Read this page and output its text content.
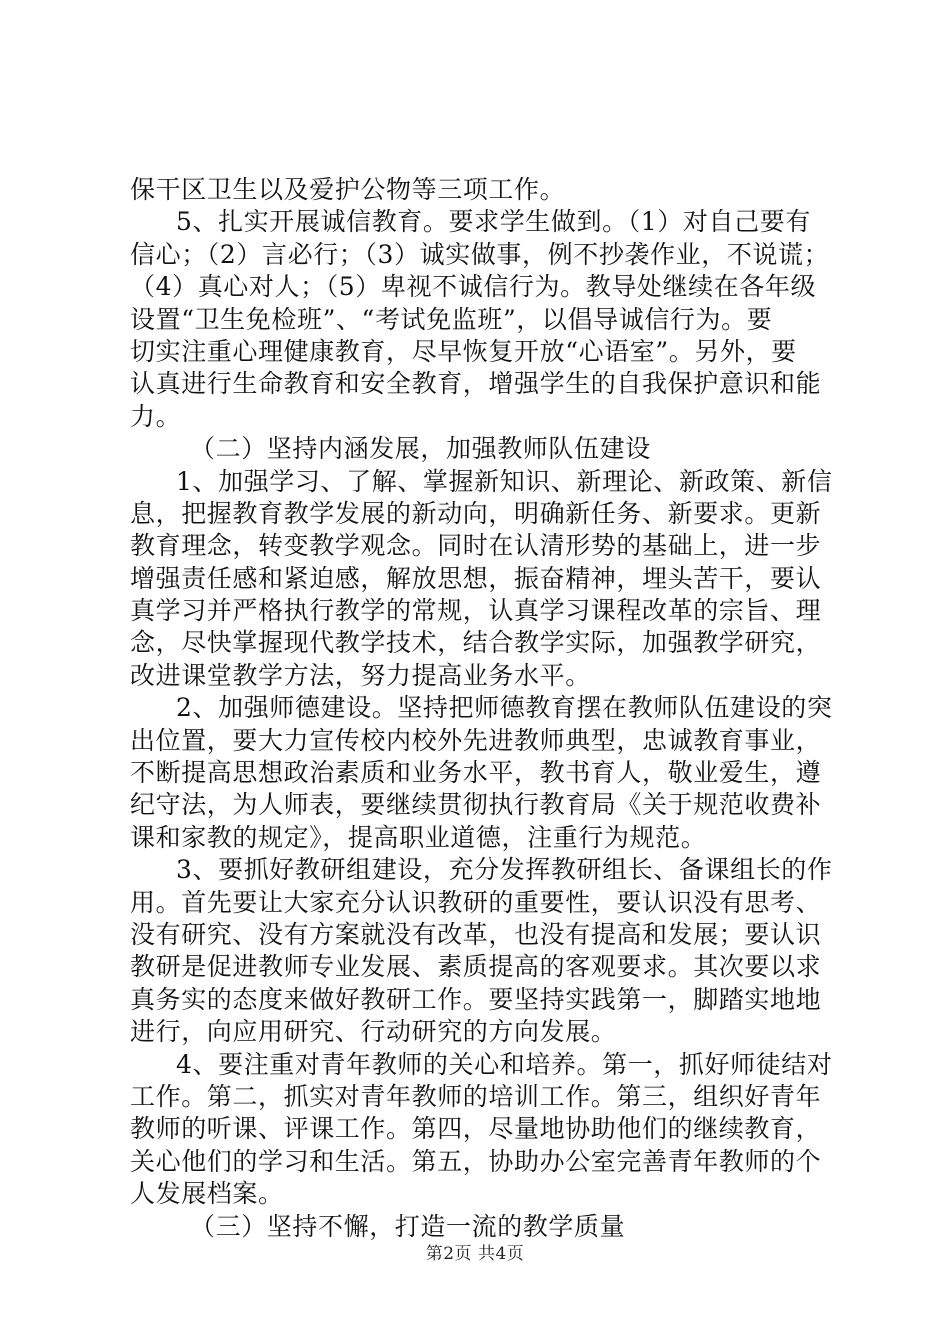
保干区卫生以及爱护公物等三项工作。
5、扎实开展诚信教育。要求学生做到。（1）对自己要有
信心；（2）言必行；（3）诚实做事，例不抄袭作业，不说谎；
（4）真心对人；（5）卑视不诚信行为。教导处继续在各年级
设置“卫生免检班”、“考试免监班”，以倡导诚信行为。要
切实注重心理健康教育，尽早恢复开放“心语室”。另外，要
认真进行生命教育和安全教育，增强学生的自我保护意识和能
力。
（二）坚持内涵发展，加强教师队伍建设
1、加强学习、了解、掌握新知识、新理论、新政策、新信
息，把握教育教学发展的新动向，明确新任务、新要求。更新
教育理念，转变教学观念。同时在认清形势的基础上，进一步
增强责任感和紧迫感，解放思想，振奋精神，埋头苦干，要认
真学习并严格执行教学的常规，认真学习课程改革的宗旨、理
念，尽快掌握现代教学技术，结合教学实际，加强教学研究，
改进课堂教学方法，努力提高业务水平。
2、加强师德建设。坚持把师德教育摆在教师队伍建设的突
出位置，要大力宣传校内校外先进教师典型，忠诚教育事业，
不断提高思想政治素质和业务水平，教书育人，敬业爱生，遵
纪守法，为人师表，要继续贯彻执行教育局《关于规范收费补
课和家教的规定》，提高职业道德，注重行为规范。
3、要抓好教研组建设，充分发挥教研组长、备课组长的作
用。首先要让大家充分认识教研的重要性，要认识没有思考、
没有研究、没有方案就没有改革，也没有提高和发展；要认识
教研是促进教师专业发展、素质提高的客观要求。其次要以求
真务实的态度来做好教研工作。要坚持实践第一，脚踏实地地
进行，向应用研究、行动研究的方向发展。
4、要注重对青年教师的关心和培养。第一，抓好师徒结对
工作。第二，抓实对青年教师的培训工作。第三，组织好青年
教师的听课、评课工作。第四，尽量地协助他们的继续教育，
关心他们的学习和生活。第五，协助办公室完善青年教师的个
人发展档案。
（三）坚持不懈，打造一流的教学质量
第2页 共4页
